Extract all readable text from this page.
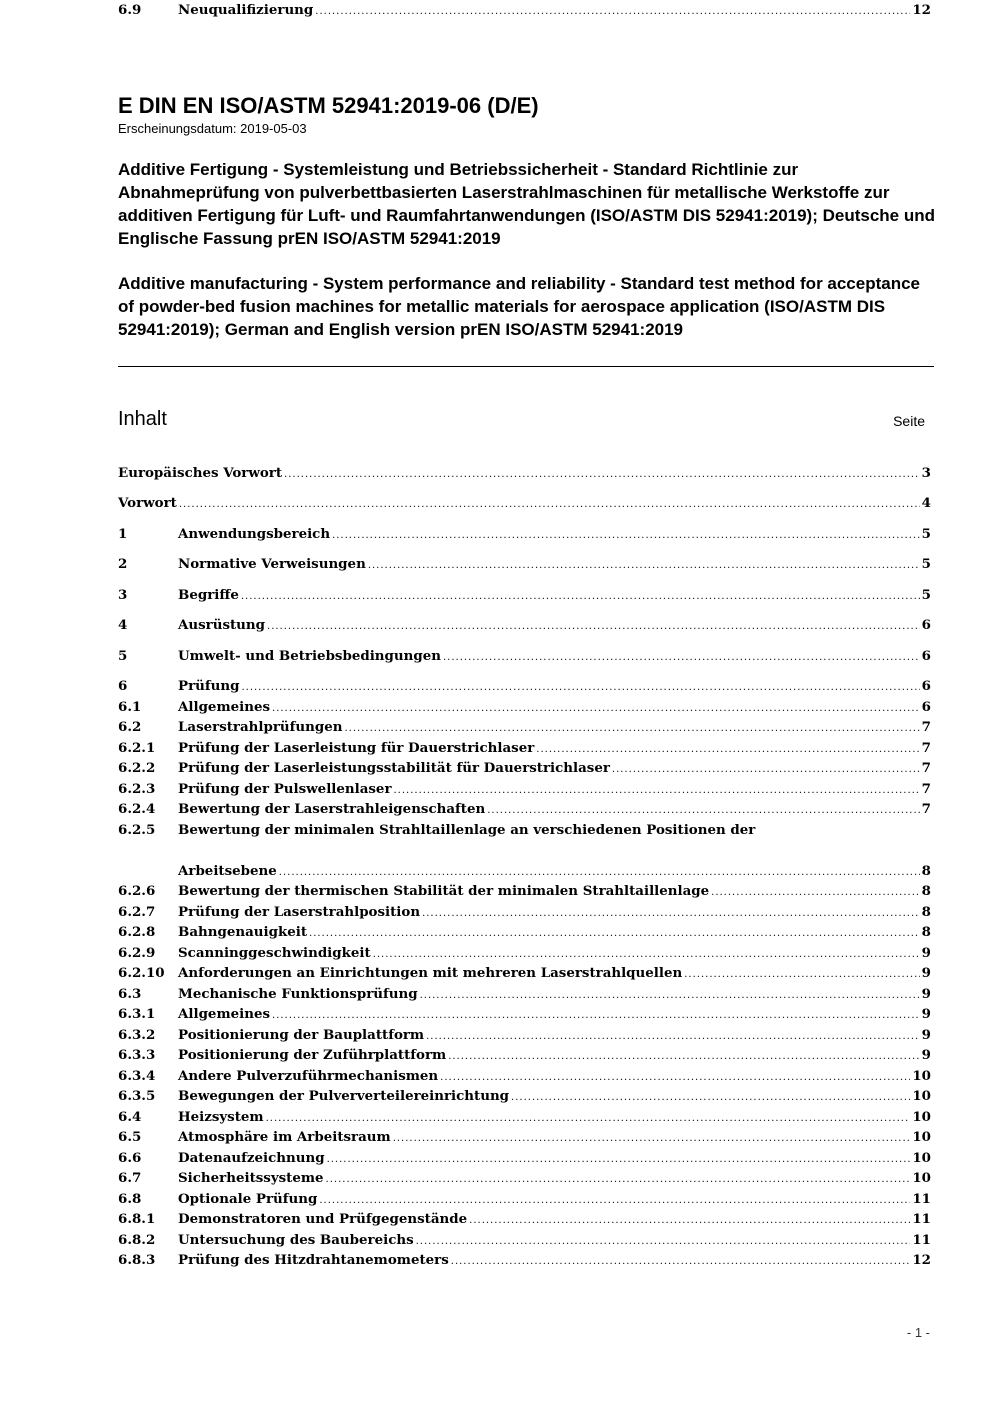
E DIN EN ISO/ASTM 52941:2019-06 (D/E)
Erscheinungsdatum: 2019-05-03
Additive Fertigung - Systemleistung und Betriebssicherheit - Standard Richtlinie zur Abnahmeprüfung von pulverbettbasierten Laserstrahlmaschinen für metallische Werkstoffe zur additiven Fertigung für Luft- und Raumfahrtanwendungen (ISO/ASTM DIS 52941:2019); Deutsche und Englische Fassung prEN ISO/ASTM 52941:2019
Additive manufacturing - System performance and reliability - Standard test method for acceptance of powder-bed fusion machines for metallic materials for aerospace application (ISO/ASTM DIS 52941:2019); German and English version prEN ISO/ASTM 52941:2019
Inhalt	Seite
Europäisches Vorwort .....	3
Vorwort .....	4
1	Anwendungsbereich .....	5
2	Normative Verweisungen .....	5
3	Begriffe .....	5
4	Ausrüstung .....	6
5	Umwelt- und Betriebsbedingungen .....	6
6	Prüfung .....	6
6.1	Allgemeines .....	6
6.2	Laserstrahlprüfungen .....	7
6.2.1 Prüfung der Laserleistung für Dauerstrichlaser .....	7
6.2.2 Prüfung der Laserleistungsstabilität für Dauerstrichlaser .....	7
6.2.3 Prüfung der Pulswellenlaser .....	7
6.2.4 Bewertung der Laserstrahleigenschaften .....	7
6.2.5 Bewertung der minimalen Strahltaillenlage an verschiedenen Positionen der
Arbeitsebene .....	8
6.2.6 Bewertung der thermischen Stabilität der minimalen Strahltaillenlage .....	8
6.2.7 Prüfung der Laserstrahlposition .....	8
6.2.8 Bahngenauigkeit .....	8
6.2.9 Scanninggeschwindigkeit .....	9
6.2.10 Anforderungen an Einrichtungen mit mehreren Laserstrahlquellen .....	9
6.3	Mechanische Funktionsprüfung .....	9
6.3.1 Allgemeines .....	9
6.3.2 Positionierung der Bauplattform .....	9
6.3.3 Positionierung der Zuführplattform .....	9
6.3.4 Andere Pulverzuführmechanismen .....	10
6.3.5 Bewegungen der Pulververteilereinrichtung .....	10
6.4	Heizsystem .....	10
6.5	Atmosphäre im Arbeitsraum .....	10
6.6	Datenaufzeichnung .....	10
6.7	Sicherheitssysteme .....	10
6.8	Optionale Prüfung .....	11
6.8.1 Demonstratoren und Prüfgegenstände .....	11
6.8.2 Untersuchung des Baubereichs .....	11
6.8.3 Prüfung des Hitzdrahtanemometers .....	12
6.9	Neuqualifizierung .....	12
- 1 -
